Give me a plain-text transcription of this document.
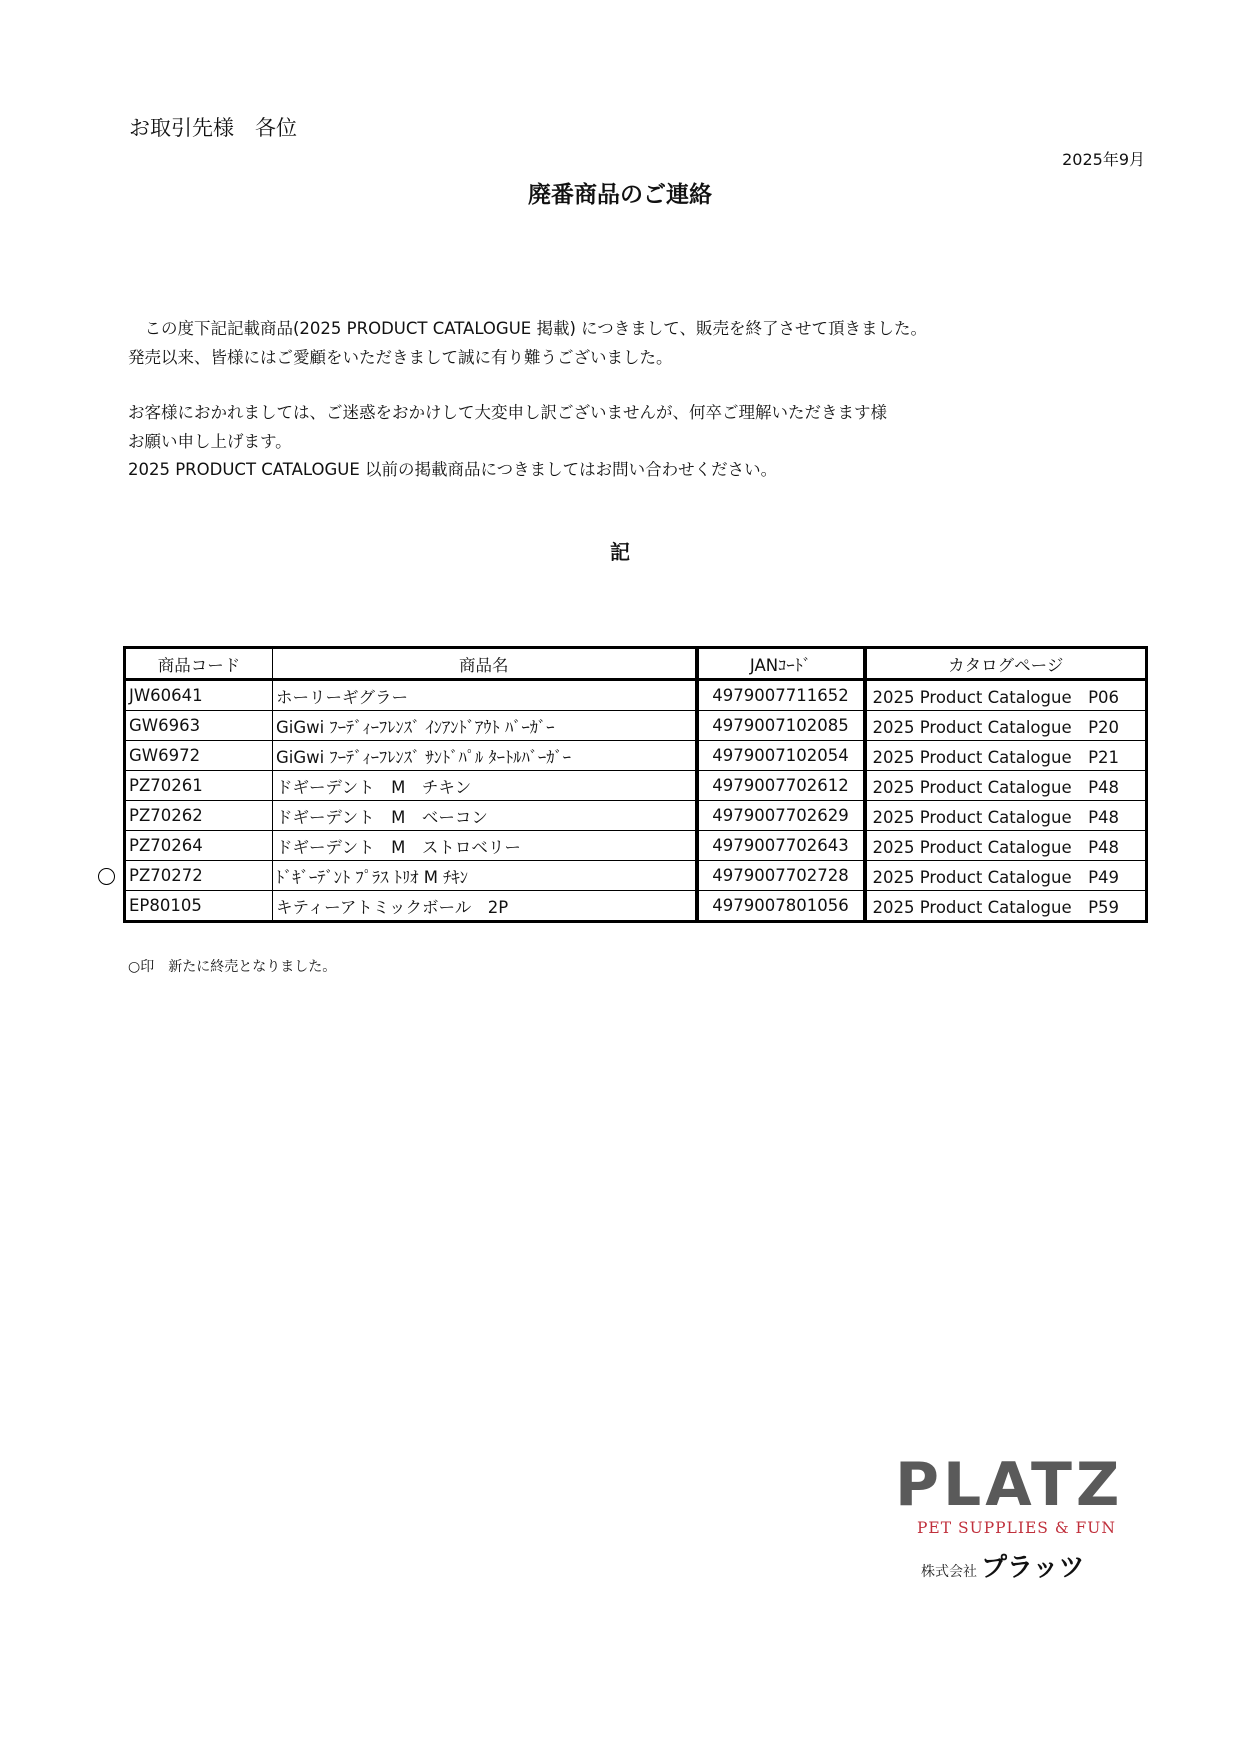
お取引先様　各位
2025年9月
廃番商品のご連絡
　この度下記記載商品(2025 PRODUCT CATALOGUE 掲載) につきまして、販売を終了させて頂きました。
発売以来、皆様にはご愛顧をいただきまして誠に有り難うございました。
お客様におかれましては、ご迷惑をおかけして大変申し訳ございませんが、何卒ご理解いただきます様
お願い申し上げます。
2025 PRODUCT CATALOGUE 以前の掲載商品につきましてはお問い合わせください。
記
商品コード	商品名	JANｺｰﾄﾞ	カタログページ
JW60641	ホーリーギグラー	4979007711652	2025 Product Catalogue　P06
GW6963	GiGwi ﾌｰﾃﾞｨｰﾌﾚﾝｽﾞ ｲﾝｱﾝﾄﾞｱｳﾄ ﾊﾞｰｶﾞｰ	4979007102085	2025 Product Catalogue　P20
GW6972	GiGwi ﾌｰﾃﾞｨｰﾌﾚﾝｽﾞ ｻﾝﾄﾞﾊﾟﾙ ﾀｰﾄﾙﾊﾞｰｶﾞｰ	4979007102054	2025 Product Catalogue　P21
PZ70261	ドギーデント　M　チキン	4979007702612	2025 Product Catalogue　P48
PZ70262	ドギーデント　M　ベーコン	4979007702629	2025 Product Catalogue　P48
PZ70264	ドギーデント　M　ストロベリー	4979007702643	2025 Product Catalogue　P48
PZ70272	ﾄﾞｷﾞｰﾃﾞﾝﾄ ﾌﾟﾗｽ ﾄﾘｵ M ﾁｷﾝ	4979007702728	2025 Product Catalogue　P49
EP80105	キティーアトミックボール　2P	4979007801056	2025 Product Catalogue　P59
○印　新たに終売となりました。
PLATZ
PET SUPPLIES & FUN
株式会社 プラッツ
